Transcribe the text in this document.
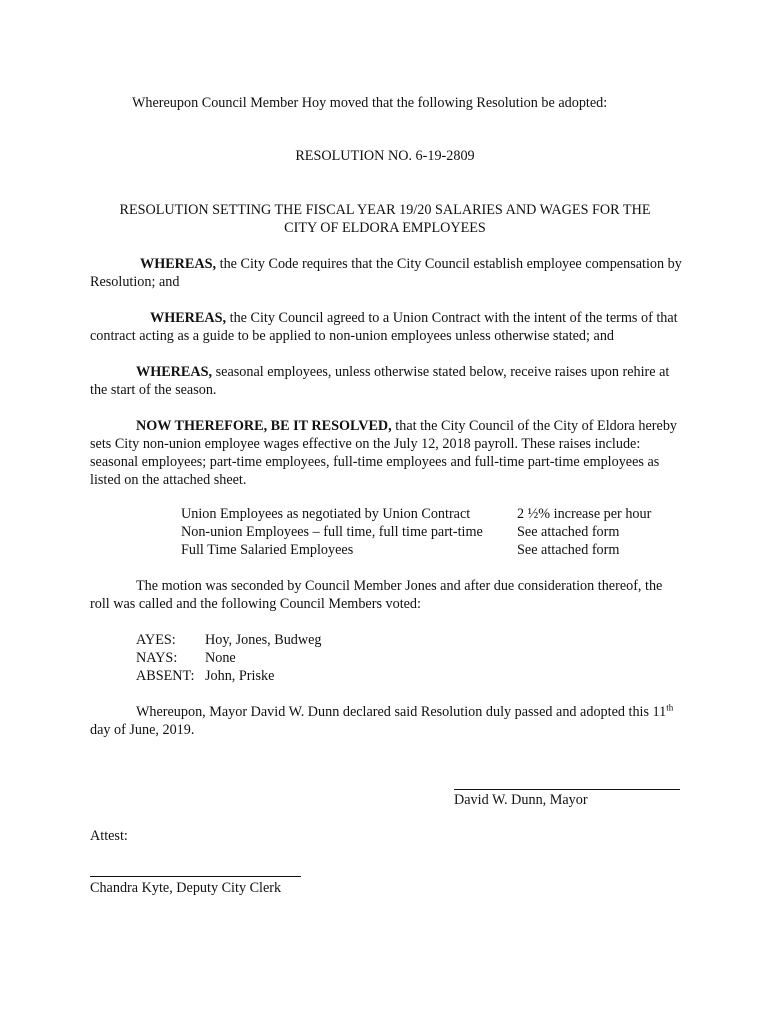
Whereupon Council Member Hoy moved that the following Resolution be adopted:

RESOLUTION NO. 6-19-2809

RESOLUTION SETTING THE FISCAL YEAR 19/20 SALARIES AND WAGES FOR THE

CITY OF ELDORA EMPLOYEES

WHEREAS, the City Code requires that the City Council establish employee compensation by Resolution; and

WHEREAS, the City Council agreed to a Union Contract with the intent of the terms of that contract acting as a guide to be applied to non-union employees unless otherwise stated; and

WHEREAS, seasonal employees, unless otherwise stated below, receive raises upon rehire at the start of the season.

NOW THEREFORE, BE IT RESOLVED, that the City Council of the City of Eldora hereby sets City non-union employee wages effective on the July 12, 2018 payroll. These raises include: seasonal employees; part-time employees, full-time employees and full-time part-time employees as listed on the attached sheet.

Union Employees as negotiated by Union Contract	2 ½% increase per hour
Non-union Employees – full time, full time part-time	See attached form
Full Time Salaried Employees	See attached form

The motion was seconded by Council Member Jones and after due consideration thereof, the roll was called and the following Council Members voted:

AYES:	Hoy, Jones, Budweg
NAYS:	None
ABSENT:	John, Priske

Whereupon, Mayor David W. Dunn declared said Resolution duly passed and adopted this 11th day of June, 2019.

David W. Dunn, Mayor

Attest:

Chandra Kyte, Deputy City Clerk
